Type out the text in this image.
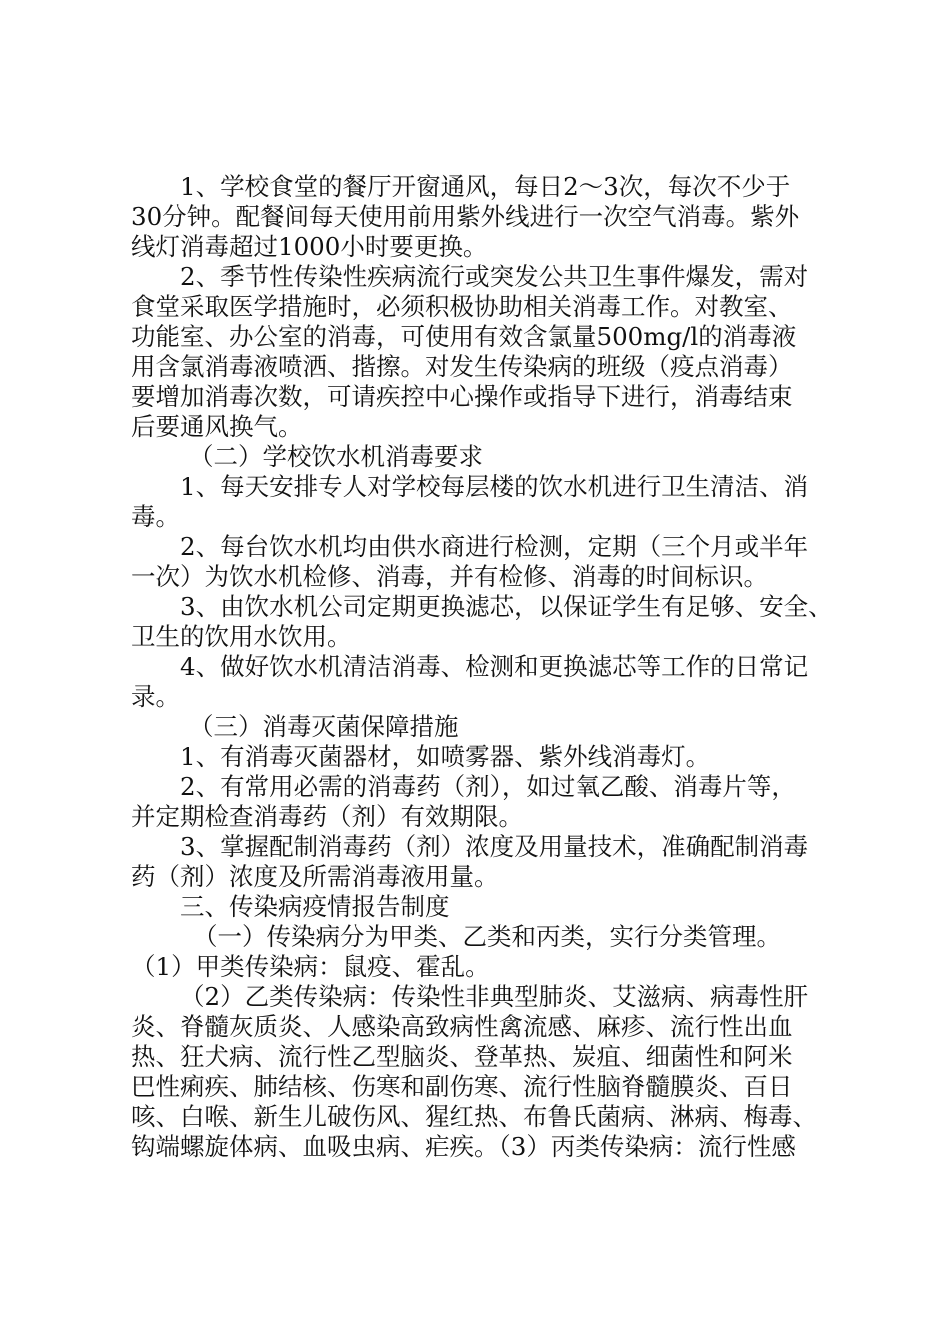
1、学校食堂的餐厅开窗通风，每日2～3次，每次不少于
30分钟。配餐间每天使用前用紫外线进行一次空气消毒。紫外
线灯消毒超过1000小时要更换。
2、季节性传染性疾病流行或突发公共卫生事件爆发，需对
食堂采取医学措施时，必须积极协助相关消毒工作。对教室、
功能室、办公室的消毒，可使用有效含氯量500mg/l的消毒液
用含氯消毒液喷洒、揩擦。对发生传染病的班级（疫点消毒）
要增加消毒次数，可请疾控中心操作或指导下进行，消毒结束
后要通风换气。
（二）学校饮水机消毒要求
1、每天安排专人对学校每层楼的饮水机进行卫生清洁、消
毒。
2、每台饮水机均由供水商进行检测，定期（三个月或半年
一次）为饮水机检修、消毒，并有检修、消毒的时间标识。
3、由饮水机公司定期更换滤芯，以保证学生有足够、安全、
卫生的饮用水饮用。
4、做好饮水机清洁消毒、检测和更换滤芯等工作的日常记
录。
（三）消毒灭菌保障措施
1、有消毒灭菌器材，如喷雾器、紫外线消毒灯。
2、有常用必需的消毒药（剂），如过氧乙酸、消毒片等，
并定期检查消毒药（剂）有效期限。
3、掌握配制消毒药（剂）浓度及用量技术，准确配制消毒
药（剂）浓度及所需消毒液用量。
三、传染病疫情报告制度
（一）传染病分为甲类、乙类和丙类，实行分类管理。
（1）甲类传染病：鼠疫、霍乱。
（2）乙类传染病：传染性非典型肺炎、艾滋病、病毒性肝
炎、脊髓灰质炎、人感染高致病性禽流感、麻疹、流行性出血
热、狂犬病、流行性乙型脑炎、登革热、炭疽、细菌性和阿米
巴性痢疾、肺结核、伤寒和副伤寒、流行性脑脊髓膜炎、百日
咳、白喉、新生儿破伤风、猩红热、布鲁氏菌病、淋病、梅毒、
钩端螺旋体病、血吸虫病、疟疾。（3）丙类传染病：流行性感
